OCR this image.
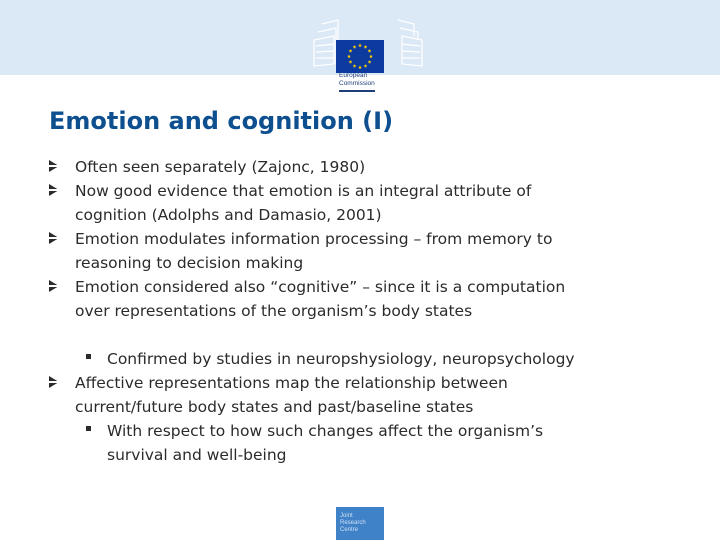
European
Commission
Emotion and cognition (I)
Often seen separately (Zajonc, 1980)
Now good evidence that emotion is an integral attribute of
cognition (Adolphs and Damasio, 2001)
Emotion modulates information processing – from memory to
reasoning to decision making
Emotion considered also “cognitive” – since it is a computation
over representations of the organism’s body states
Confirmed by studies in neuropshysiology, neuropsychology
Affective representations map the relationship between
current/future body states and past/baseline states
With respect to how such changes affect the organism’s
survival and well-being
Joint
Research
Centre
